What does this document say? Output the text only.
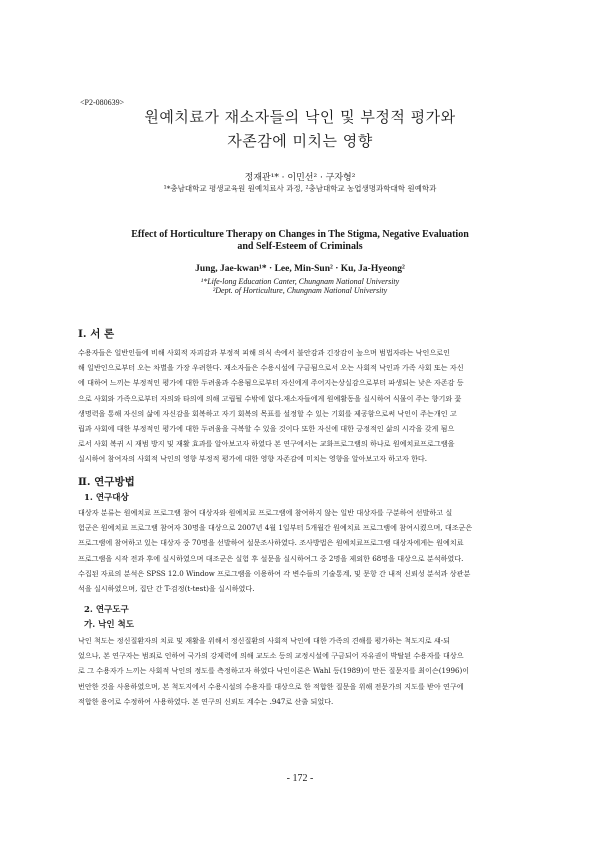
<P2-080639>
원예치료가 재소자들의 낙인 및 부정적 평가와
자존감에 미치는 영향
정재관¹* · 이민선² · 구자형²
¹*충남대학교 평생교육원 원예치료사 과정, ²충남대학교 농업생명과학대학 원예학과
Effect of Horticulture Therapy on Changes in The Stigma, Negative Evaluation
and Self-Esteem of Criminals
Jung, Jae-kwan¹* · Lee, Min-Sun² · Ku, Ja-Hyeong²
¹*Life-long Education Canter, Chungnam National University
²Dept. of Horticulture, Chungnam National University
Ⅰ. 서 론
수용자들은 일반인들에 비해 사회적 자괴감과 부정적 피해 의식 속에서 불안감과 긴장감이 높으며 범법자라는 낙인으로인
해 일반인으로부터 오는 차별을 가장 우려한다. 재소자들은 수용시설에 구금됨으로서 오는 사회적 낙인과 가족 사회 또는 자신
에 대하여 느끼는 부정적인 평가에 대한 두려움과 수용됨으로부터 자신에게 주어지는상실감으로부터 파생되는 낮은 자존감 등
으로 사회와 가족으로부터 자의와 타의에 의해 고립될 수밖에 없다.재소자들에게 원예활동을 실시하여 식물이 주는 향기와 꽃
생명력을 통해 자신의 삶에 자신감을 회복하고 자기 회복의 목표를 설정할 수 있는 기회를 제공함으로써 낙인이 주는개인 고
립과 사회에 대한 부정적인 평가에 대한 두려움을 극복할 수 있을 것이다 또한 자신에 대한 긍정적인 삶의 시각을 갖게 됨으
로서 사회 복귀 시 재범 방지 및 재활 효과를 알아보고자 하였다 본 연구에서는 교화프로그램의 하나로 원예치료프로그램을
실시하여 참여자의 사회적 낙인의 영향 부정적 평가에 대한 영향 자존감에 미치는 영향을 알아보고자 하고자 한다.
Ⅱ. 연구방법
1. 연구대상
대상자 분류는 원예치료 프로그램 참여 대상자와 원예치료 프로그램에 참여하지 않는 일반 대상자를 구분하여 선발하고 실
험군은 원예치료 프로그램 참여자 30명을 대상으로 2007년 4월 1일부터 5개월간 원예치료 프로그램에 참여시켰으며, 대조군은
프로그램에 참여하고 있는 대상자 중 70명을 선발하여 설문조사하였다. 조사방법은 원예치료프로그램 대상자에게는 원예치료
프로그램을 시작 전과 후에 실시하였으며 대조군은 실험 후 설문을 실시하여그 중 2명을 제외한 68명을 대상으로 분석하였다.
수집된 자료의 분석은 SPSS 12.0 Window 프로그램을 이용하여 각 변수들의 기술통계, 및 문항 간 내적 신뢰성 분석과 상관분
석을 실시하였으며, 집단 간 T-검정(t-test)을 실시하였다.
2. 연구도구
가. 낙인 척도
낙인 척도는 정신질환자의 치료 및 재활을 위해서 정신질환의 사회적 낙인에 대한 가족의 견해를 평가하는 척도지로 섀-되
었으나, 본 연구자는 범죄로 인하여 국가의 강제력에 의해 교도소 등의 교정시설에 구금되어 자유권이 박탈된 수용자를 대상으
로 그 수용자가 느끼는 사회적 낙인의 정도를 측정하고자 하였다 낙인이론은 Wahl 등(1989)이 만든 질문지를 최이슨(1996)이
번안한 것을 사용하였으며, 본 척도지에서 수용시설의 수용자를 대상으로 한 적합한 질문을 위해 전문가의 지도를 받아 연구에
적합한 용어로 수정하여 사용하였다. 본 연구의 신뢰도 계수는 .947로 산출 되었다.
- 172 -
